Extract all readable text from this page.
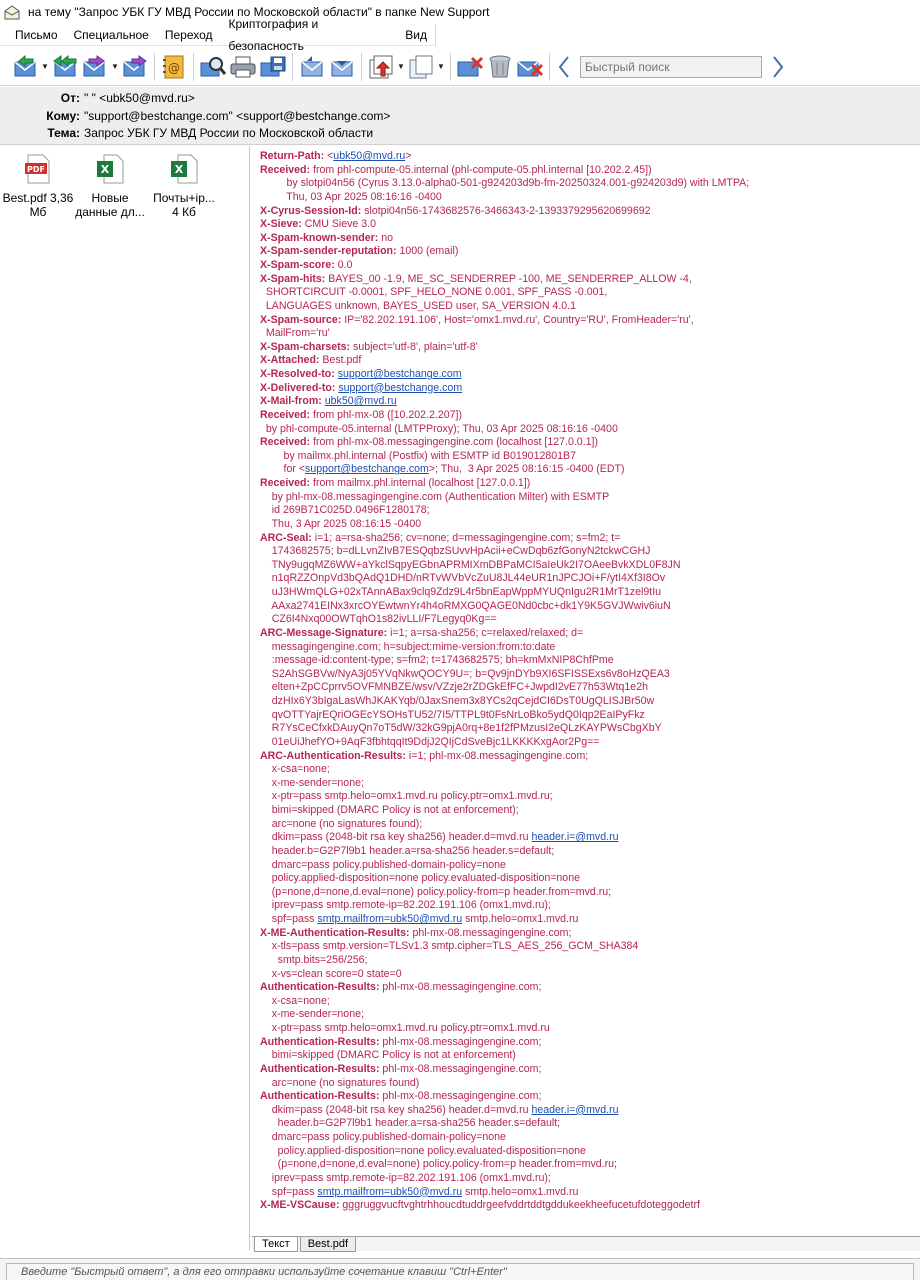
на тему "Запрос УБК ГУ МВД России по Московской области" в папке New Support
Письмо	Специальное	Переход
Криптография и безопасность
Вид
▼	▼	@	▼	▼
Быстрый поиск
От: " " <ubk50@mvd.ru>
Кому: "support@bestchange.com" <support@bestchange.com>
Тема: Запрос УБК ГУ МВД России по Московской области
PDF
Best.pdf 3,36
Мб
X
Новые
данные дл...
X
Почты+ip...
4 Кб
Return-Path: <ubk50@mvd.ru>
Received: from phl-compute-05.internal (phl-compute-05.phl.internal [10.202.2.45])
by slotpi04n56 (Cyrus 3.13.0-alpha0-501-g924203d9b-fm-20250324.001-g924203d9) with LMTPA;
Thu, 03 Apr 2025 08:16:16 -0400
X-Cyrus-Session-Id: slotpi04n56-1743682576-3466343-2-1393379295620699692
X-Sieve: CMU Sieve 3.0
X-Spam-known-sender: no
X-Spam-sender-reputation: 1000 (email)
X-Spam-score: 0.0
X-Spam-hits: BAYES_00 -1.9, ME_SC_SENDERREP -100, ME_SENDERREP_ALLOW -4,
SHORTCIRCUIT -0.0001, SPF_HELO_NONE 0.001, SPF_PASS -0.001,
LANGUAGES unknown, BAYES_USED user, SA_VERSION 4.0.1
X-Spam-source: IP='82.202.191.106', Host='omx1.mvd.ru', Country='RU', FromHeader='ru',
MailFrom='ru'
X-Spam-charsets: subject='utf-8', plain='utf-8'
X-Attached: Best.pdf
X-Resolved-to: support@bestchange.com
X-Delivered-to: support@bestchange.com
X-Mail-from: ubk50@mvd.ru
Received: from phl-mx-08 ([10.202.2.207])
by phl-compute-05.internal (LMTPProxy); Thu, 03 Apr 2025 08:16:16 -0400
Received: from phl-mx-08.messagingengine.com (localhost [127.0.0.1])
by mailmx.phl.internal (Postfix) with ESMTP id B019012801B7
for <support@bestchange.com>; Thu,  3 Apr 2025 08:16:15 -0400 (EDT)
Received: from mailmx.phl.internal (localhost [127.0.0.1])
by phl-mx-08.messagingengine.com (Authentication Milter) with ESMTP
id 269B71C025D.0496F1280178;
Thu, 3 Apr 2025 08:16:15 -0400
ARC-Seal: i=1; a=rsa-sha256; cv=none; d=messagingengine.com; s=fm2; t=
1743682575; b=dLLvnZIvB7ESQqbzSUvvHpAcii+eCwDqb6zfGonyN2tckwCGHJ
TNy9ugqMZ6WW+aYkclSqpyEGbnAPRMIXmDBPaMCI5aIeUk2I7OAeeBvkXDL0F8JN
n1qRZZOnpVd3bQAdQ1DHD/nRTvWVbVcZuU8JL44eUR1nJPCJOi+F/ytI4Xf3I8Ov
uJ3HWmQLG+02xTAnnABax9clq9Zdz9L4r5bnEapWppMYUQnIgu2R1MrT1zel9tIu
AAxa2741EINx3xrcOYEwtwnYr4h4oRMXG0QAGE0Nd0cbc+dk1Y9K5GVJWwiv6iuN
CZ6I4Nxq00OWTqhO1s82ivLLI/F7Legyq0Kg==
ARC-Message-Signature: i=1; a=rsa-sha256; c=relaxed/relaxed; d=
messagingengine.com; h=subject:mime-version:from:to:date
:message-id:content-type; s=fm2; t=1743682575; bh=kmMxNIP8ChfPme
S2AhSGBVw/NyA3j05YVqNkwQOCY9U=; b=Qv9jnDYb9XI6SFISSExs6v8oHzQEA3
elten+ZpCCprrv5OVFMNBZE/wsv/VZzje2rZDGkEfFC+JwpdI2vE77h53Wtq1e2h
dzHIx6Y3bIgaLasWhJKAKYqb/0JaxSnem3x8YCs2qCejdCI6DsT0UgQLISJBr50w
qvOTTYajrEQriOGEcYSOHsTU52/7I5/TTPL9t0FsNrLoBko5ydQ0Iqp2EaIPyFkz
R7YsCeCfxkDAuyQn7oT5dW/32kG9pjA0rq+8e1f2fPMzusI2eQLzKAYPWsCbgXbY
01eUiJhefYO+9AqF3fbhtqqIt9DdjJ2QIjCdSveBjc1LKKKKxgAor2Pg==
ARC-Authentication-Results: i=1; phl-mx-08.messagingengine.com;
x-csa=none;
x-me-sender=none;
x-ptr=pass smtp.helo=omx1.mvd.ru policy.ptr=omx1.mvd.ru;
bimi=skipped (DMARC Policy is not at enforcement);
arc=none (no signatures found);
dkim=pass (2048-bit rsa key sha256) header.d=mvd.ru header.i=@mvd.ru
header.b=G2P7l9b1 header.a=rsa-sha256 header.s=default;
dmarc=pass policy.published-domain-policy=none
policy.applied-disposition=none policy.evaluated-disposition=none
(p=none,d=none,d.eval=none) policy.policy-from=p header.from=mvd.ru;
iprev=pass smtp.remote-ip=82.202.191.106 (omx1.mvd.ru);
spf=pass smtp.mailfrom=ubk50@mvd.ru smtp.helo=omx1.mvd.ru
X-ME-Authentication-Results: phl-mx-08.messagingengine.com;
x-tls=pass smtp.version=TLSv1.3 smtp.cipher=TLS_AES_256_GCM_SHA384
smtp.bits=256/256;
x-vs=clean score=0 state=0
Authentication-Results: phl-mx-08.messagingengine.com;
x-csa=none;
x-me-sender=none;
x-ptr=pass smtp.helo=omx1.mvd.ru policy.ptr=omx1.mvd.ru
Authentication-Results: phl-mx-08.messagingengine.com;
bimi=skipped (DMARC Policy is not at enforcement)
Authentication-Results: phl-mx-08.messagingengine.com;
arc=none (no signatures found)
Authentication-Results: phl-mx-08.messagingengine.com;
dkim=pass (2048-bit rsa key sha256) header.d=mvd.ru header.i=@mvd.ru
header.b=G2P7l9b1 header.a=rsa-sha256 header.s=default;
dmarc=pass policy.published-domain-policy=none
policy.applied-disposition=none policy.evaluated-disposition=none
(p=none,d=none,d.eval=none) policy.policy-from=p header.from=mvd.ru;
iprev=pass smtp.remote-ip=82.202.191.106 (omx1.mvd.ru);
spf=pass smtp.mailfrom=ubk50@mvd.ru smtp.helo=omx1.mvd.ru
X-ME-VSCause: gggruggvucftvghtrhhoucdtuddrgeefvddrtddtgddukeekheefucetufdoteggodetrf
Текст	Best.pdf
Введите "Быстрый ответ", а для его отправки используйте сочетание клавиш "Ctrl+Enter"
